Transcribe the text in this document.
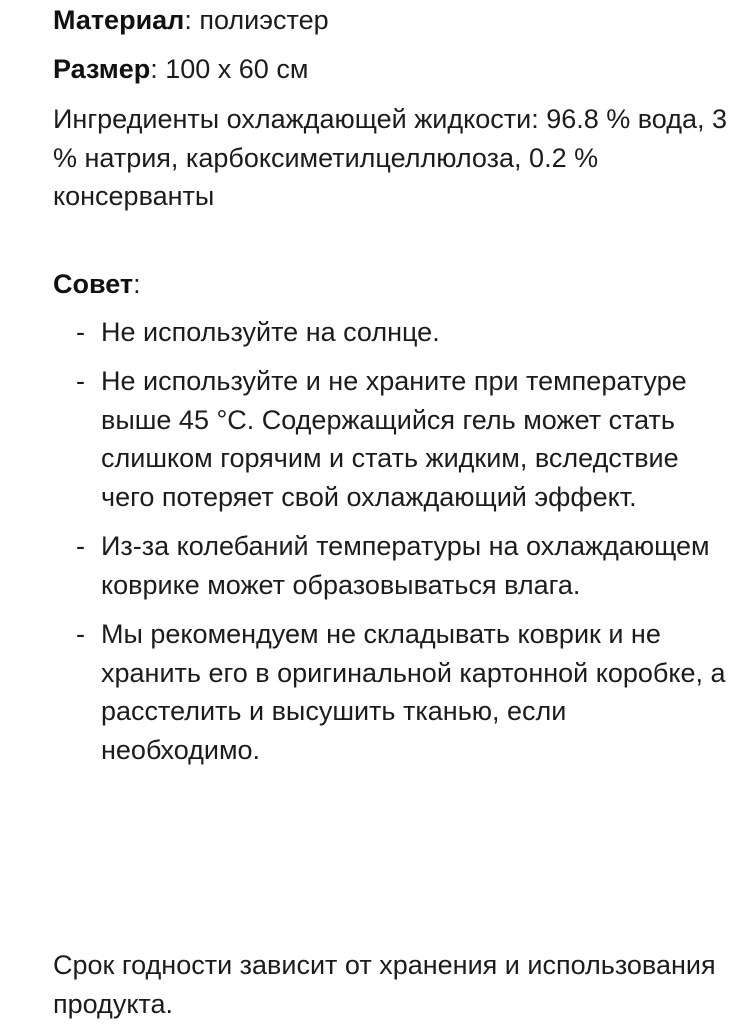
Материал: полиэстер

Размер: 100 x 60 см

Ингредиенты охлаждающей жидкости: 96.8 % вода, 3 % натрия, карбоксиметилцеллюлоза, 0.2 % консерванты

Совет:

- Не используйте на солнце.
- Не используйте и не храните при температуре выше 45 °С. Содержащийся гель может стать слишком горячим и стать жидким, вследствие чего потеряет свой охлаждающий эффект.
- Из-за колебаний температуры на охлаждающем коврике может образовываться влага.
- Мы рекомендуем не складывать коврик и не хранить его в оригинальной картонной коробке, а расстелить и высушить тканью, если необходимо.

Срок годности зависит от хранения и использования продукта.
